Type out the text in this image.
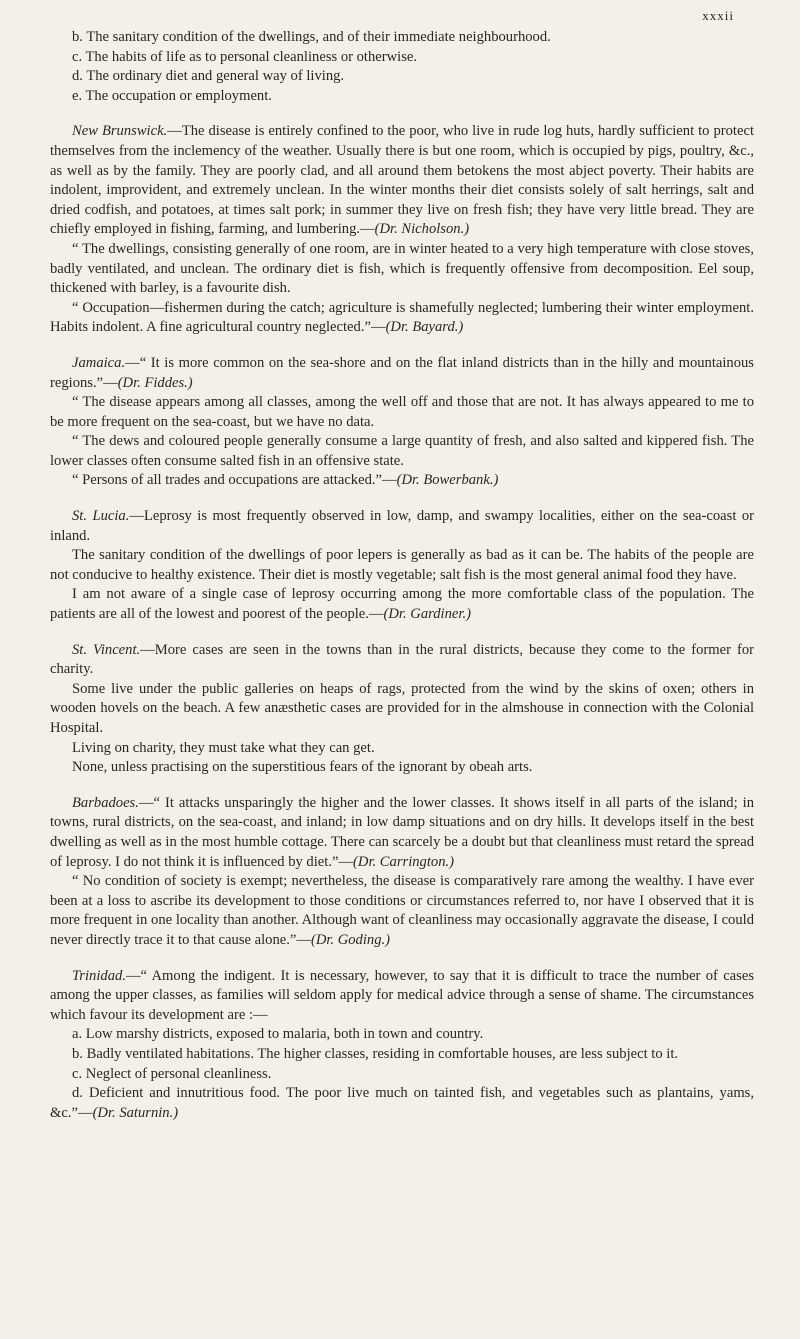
xxxii

b. The sanitary condition of the dwellings, and of their immediate neighbourhood.

c. The habits of life as to personal cleanliness or otherwise.

d. The ordinary diet and general way of living.

e. The occupation or employment.

New Brunswick.—The disease is entirely confined to the poor, who live in rude log huts, hardly sufficient to protect themselves from the inclemency of the weather. Usually there is but one room, which is occupied by pigs, poultry, &c., as well as by the family. They are poorly clad, and all around them betokens the most abject poverty. Their habits are indolent, improvident, and extremely unclean. In the winter months their diet consists solely of salt herrings, salt and dried codfish, and potatoes, at times salt pork; in summer they live on fresh fish; they have very little bread. They are chiefly employed in fishing, farming, and lumbering.—(Dr. Nicholson.)

“ The dwellings, consisting generally of one room, are in winter heated to a very high temperature with close stoves, badly ventilated, and unclean. The ordinary diet is fish, which is frequently offensive from decomposition. Eel soup, thickened with barley, is a favourite dish.

“ Occupation—fishermen during the catch; agriculture is shamefully neglected; lumbering their winter employment. Habits indolent. A fine agricultural country neglected.”—(Dr. Bayard.)

Jamaica.—“ It is more common on the sea-shore and on the flat inland districts than in the hilly and mountainous regions.”—(Dr. Fiddes.)

“ The disease appears among all classes, among the well off and those that are not. It has always appeared to me to be more frequent on the sea-coast, but we have no data.

“ The dews and coloured people generally consume a large quantity of fresh, and also salted and kippered fish. The lower classes often consume salted fish in an offensive state.

“ Persons of all trades and occupations are attacked.”—(Dr. Bowerbank.)

St. Lucia.—Leprosy is most frequently observed in low, damp, and swampy localities, either on the sea-coast or inland.

The sanitary condition of the dwellings of poor lepers is generally as bad as it can be. The habits of the people are not conducive to healthy existence. Their diet is mostly vegetable; salt fish is the most general animal food they have.

I am not aware of a single case of leprosy occurring among the more comfortable class of the population. The patients are all of the lowest and poorest of the people.—(Dr. Gardiner.)

St. Vincent.—More cases are seen in the towns than in the rural districts, because they come to the former for charity.

Some live under the public galleries on heaps of rags, protected from the wind by the skins of oxen; others in wooden hovels on the beach. A few anæsthetic cases are provided for in the almshouse in connection with the Colonial Hospital.

Living on charity, they must take what they can get.

None, unless practising on the superstitious fears of the ignorant by obeah arts.

Barbadoes.—“ It attacks unsparingly the higher and the lower classes. It shows itself in all parts of the island; in towns, rural districts, on the sea-coast, and inland; in low damp situations and on dry hills. It develops itself in the best dwelling as well as in the most humble cottage. There can scarcely be a doubt but that cleanliness must retard the spread of leprosy. I do not think it is influenced by diet.”—(Dr. Carrington.)

“ No condition of society is exempt; nevertheless, the disease is comparatively rare among the wealthy. I have ever been at a loss to ascribe its development to those conditions or circumstances referred to, nor have I observed that it is more frequent in one locality than another. Although want of cleanliness may occasionally aggravate the disease, I could never directly trace it to that cause alone.”—(Dr. Goding.)

Trinidad.—“ Among the indigent. It is necessary, however, to say that it is difficult to trace the number of cases among the upper classes, as families will seldom apply for medical advice through a sense of shame. The circumstances which favour its development are :—

a. Low marshy districts, exposed to malaria, both in town and country.

b. Badly ventilated habitations. The higher classes, residing in comfortable houses, are less subject to it.

c. Neglect of personal cleanliness.

d. Deficient and innutritious food. The poor live much on tainted fish, and vegetables such as plantains, yams, &c.”—(Dr. Saturnin.)
